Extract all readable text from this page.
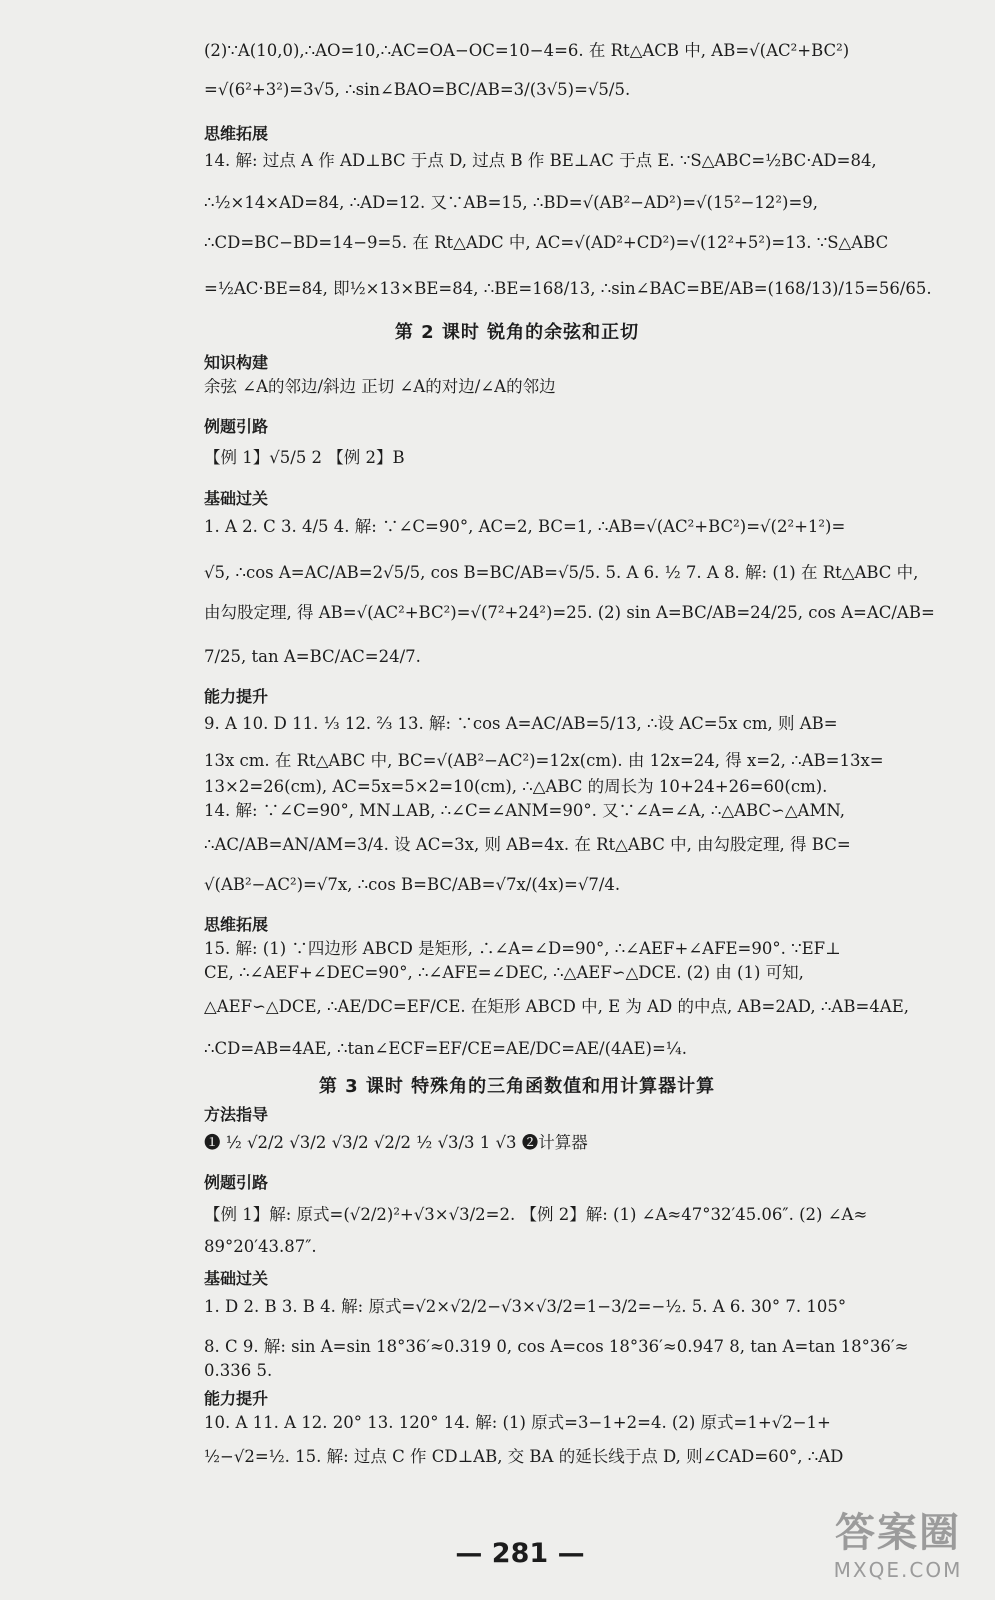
(2)∵A(10,0),∴AO=10,∴AC=OA−OC=10−4=6. 在 Rt△ACB 中, AB=√(AC²+BC²)
=√(6²+3²)=3√5, ∴sin∠BAO=BC/AB=3/(3√5)=√5/5.
思维拓展
14. 解: 过点 A 作 AD⊥BC 于点 D, 过点 B 作 BE⊥AC 于点 E. ∵S△ABC=½BC·AD=84,
∴½×14×AD=84, ∴AD=12. 又∵AB=15, ∴BD=√(AB²−AD²)=√(15²−12²)=9,
∴CD=BC−BD=14−9=5. 在 Rt△ADC 中, AC=√(AD²+CD²)=√(12²+5²)=13. ∵S△ABC
=½AC·BE=84, 即½×13×BE=84, ∴BE=168/13, ∴sin∠BAC=BE/AB=(168/13)/15=56/65.
第 2 课时 锐角的余弦和正切
知识构建
余弦 ∠A的邻边/斜边 正切 ∠A的对边/∠A的邻边
例题引路
【例 1】√5/5 2 【例 2】B
基础过关
1. A 2. C 3. 4/5 4. 解: ∵∠C=90°, AC=2, BC=1, ∴AB=√(AC²+BC²)=√(2²+1²)=
√5, ∴cos A=AC/AB=2√5/5, cos B=BC/AB=√5/5. 5. A 6. ½ 7. A 8. 解: (1) 在 Rt△ABC 中,
由勾股定理, 得 AB=√(AC²+BC²)=√(7²+24²)=25. (2) sin A=BC/AB=24/25, cos A=AC/AB=
7/25, tan A=BC/AC=24/7.
能力提升
9. A 10. D 11. ⅓ 12. ⅔ 13. 解: ∵cos A=AC/AB=5/13, ∴设 AC=5x cm, 则 AB=
13x cm. 在 Rt△ABC 中, BC=√(AB²−AC²)=12x(cm). 由 12x=24, 得 x=2, ∴AB=13x=
13×2=26(cm), AC=5x=5×2=10(cm), ∴△ABC 的周长为 10+24+26=60(cm).
14. 解: ∵∠C=90°, MN⊥AB, ∴∠C=∠ANM=90°. 又∵∠A=∠A, ∴△ABC∽△AMN,
∴AC/AB=AN/AM=3/4. 设 AC=3x, 则 AB=4x. 在 Rt△ABC 中, 由勾股定理, 得 BC=
√(AB²−AC²)=√7x, ∴cos B=BC/AB=√7x/(4x)=√7/4.
思维拓展
15. 解: (1) ∵四边形 ABCD 是矩形, ∴∠A=∠D=90°, ∴∠AEF+∠AFE=90°. ∵EF⊥
CE, ∴∠AEF+∠DEC=90°, ∴∠AFE=∠DEC, ∴△AEF∽△DCE. (2) 由 (1) 可知,
△AEF∽△DCE, ∴AE/DC=EF/CE. 在矩形 ABCD 中, E 为 AD 的中点, AB=2AD, ∴AB=4AE,
∴CD=AB=4AE, ∴tan∠ECF=EF/CE=AE/DC=AE/(4AE)=¼.
第 3 课时 特殊角的三角函数值和用计算器计算
方法指导
❶ ½ √2/2 √3/2 √3/2 √2/2 ½ √3/3 1 √3 ❷计算器
例题引路
【例 1】解: 原式=(√2/2)²+√3×√3/2=2. 【例 2】解: (1) ∠A≈47°32′45.06″. (2) ∠A≈
89°20′43.87″.
基础过关
1. D 2. B 3. B 4. 解: 原式=√2×√2/2−√3×√3/2=1−3/2=−½. 5. A 6. 30° 7. 105°
8. C 9. 解: sin A=sin 18°36′≈0.319 0, cos A=cos 18°36′≈0.947 8, tan A=tan 18°36′≈
0.336 5.
能力提升
10. A 11. A 12. 20° 13. 120° 14. 解: (1) 原式=3−1+2=4. (2) 原式=1+√2−1+
½−√2=½. 15. 解: 过点 C 作 CD⊥AB, 交 BA 的延长线于点 D, 则∠CAD=60°, ∴AD
— 281 —	答案圈
MXQE.COM
